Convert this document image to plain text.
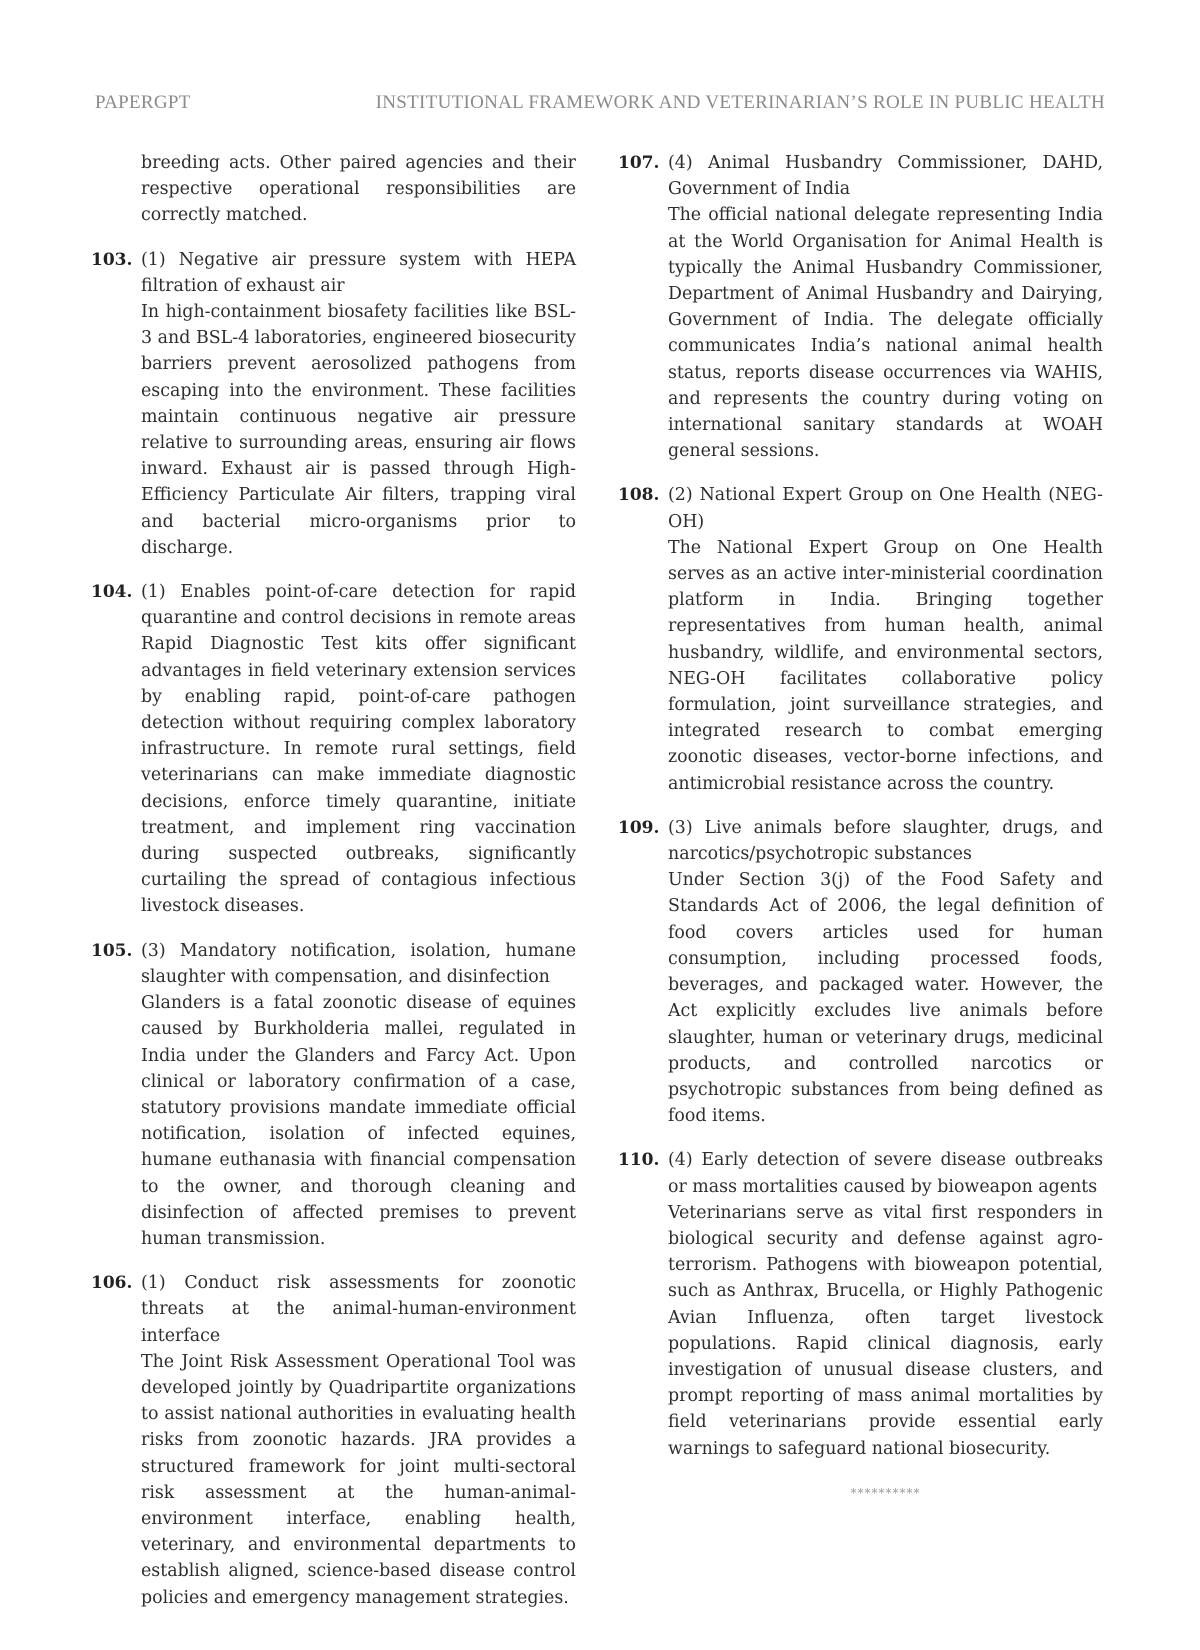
PAPERGPT	INSTITUTIONAL FRAMEWORK AND VETERINARIAN’S ROLE IN PUBLIC HEALTH

breeding acts. Other paired agencies and their respective operational responsibilities are correctly matched.

103. (1) Negative air pressure system with HEPA filtration of exhaust air
In high-containment biosafety facilities like BSL-3 and BSL-4 laboratories, engineered biosecurity barriers prevent aerosolized pathogens from escaping into the environment. These facilities maintain continuous negative air pressure relative to surrounding areas, ensuring air flows inward. Exhaust air is passed through High-Efficiency Particulate Air filters, trapping viral and bacterial micro-organisms prior to discharge.
104. (1) Enables point-of-care detection for rapid quarantine and control decisions in remote areas
Rapid Diagnostic Test kits offer significant advantages in field veterinary extension services by enabling rapid, point-of-care pathogen detection without requiring complex laboratory infrastructure. In remote rural settings, field veterinarians can make immediate diagnostic decisions, enforce timely quarantine, initiate treatment, and implement ring vaccination during suspected outbreaks, significantly curtailing the spread of contagious infectious livestock diseases.
105. (3) Mandatory notification, isolation, humane slaughter with compensation, and disinfection
Glanders is a fatal zoonotic disease of equines caused by Burkholderia mallei, regulated in India under the Glanders and Farcy Act. Upon clinical or laboratory confirmation of a case, statutory provisions mandate immediate official notification, isolation of infected equines, humane euthanasia with financial compensation to the owner, and thorough cleaning and disinfection of affected premises to prevent human transmission.
106. (1) Conduct risk assessments for zoonotic threats at the animal-human-environment interface
The Joint Risk Assessment Operational Tool was developed jointly by Quadripartite organizations to assist national authorities in evaluating health risks from zoonotic hazards. JRA provides a structured framework for joint multi-sectoral risk assessment at the human-animal-environment interface, enabling health, veterinary, and environmental departments to establish aligned, science-based disease control policies and emergency management strategies.
107. (4) Animal Husbandry Commissioner, DAHD, Government of India
The official national delegate representing India at the World Organisation for Animal Health is typically the Animal Husbandry Commissioner, Department of Animal Husbandry and Dairying, Government of India. The delegate officially communicates India’s national animal health status, reports disease occurrences via WAHIS, and represents the country during voting on international sanitary standards at WOAH general sessions.
108. (2) National Expert Group on One Health (NEG-OH)
The National Expert Group on One Health serves as an active inter-ministerial coordination platform in India. Bringing together representatives from human health, animal husbandry, wildlife, and environmental sectors, NEG-OH facilitates collaborative policy formulation, joint surveillance strategies, and integrated research to combat emerging zoonotic diseases, vector-borne infections, and antimicrobial resistance across the country.
109. (3) Live animals before slaughter, drugs, and narcotics/psychotropic substances
Under Section 3(j) of the Food Safety and Standards Act of 2006, the legal definition of food covers articles used for human consumption, including processed foods, beverages, and packaged water. However, the Act explicitly excludes live animals before slaughter, human or veterinary drugs, medicinal products, and controlled narcotics or psychotropic substances from being defined as food items.
110. (4) Early detection of severe disease outbreaks or mass mortalities caused by bioweapon agents
Veterinarians serve as vital first responders in biological security and defense against agro-terrorism. Pathogens with bioweapon potential, such as Anthrax, Brucella, or Highly Pathogenic Avian Influenza, often target livestock populations. Rapid clinical diagnosis, early investigation of unusual disease clusters, and prompt reporting of mass animal mortalities by field veterinarians provide essential early warnings to safeguard national biosecurity.
**********
